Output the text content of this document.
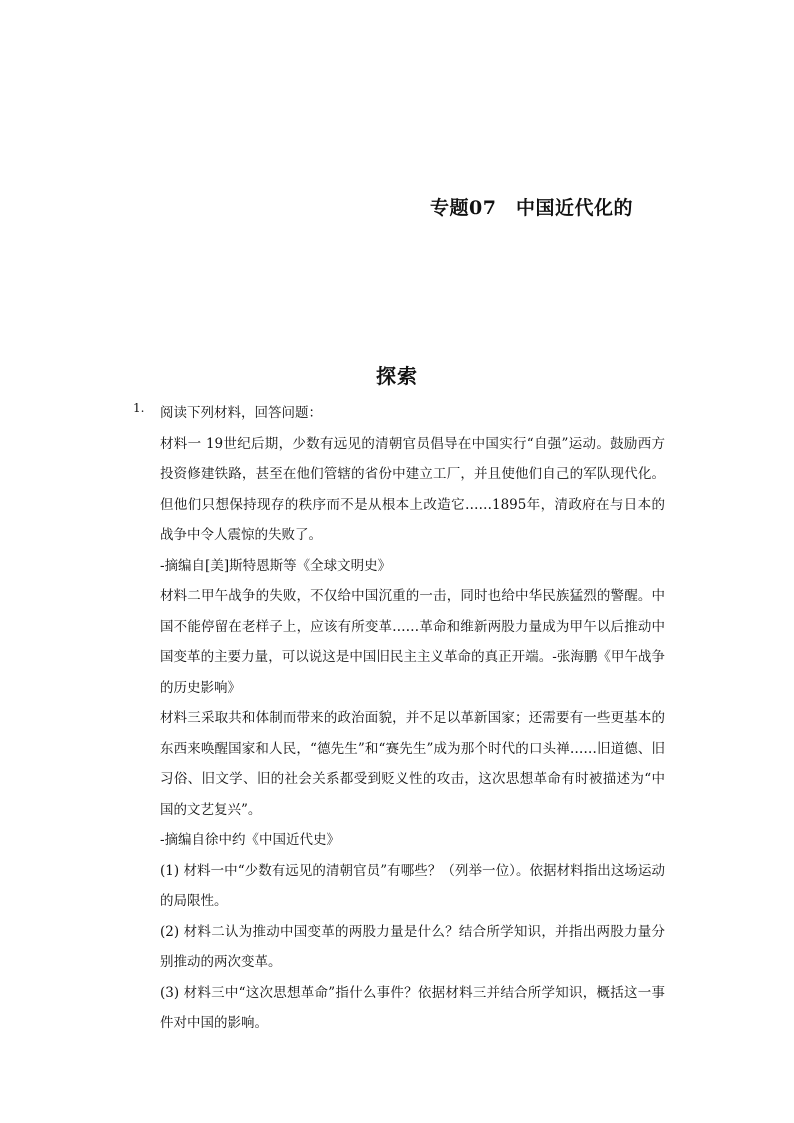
专题07　中国近代化的
探索
1. 阅读下列材料，回答问题：

材料一 19世纪后期，少数有远见的清朝官员倡导在中国实行“自强”运动。鼓励西方投资修建铁路，甚至在他们管辖的省份中建立工厂，并且使他们自己的军队现代化。但他们只想保持现存的秩序而不是从根本上改造它……1895年，清政府在与日本的战争中令人震惊的失败了。

-摘编自[美]斯特恩斯等《全球文明史》

材料二甲午战争的失败，不仅给中国沉重的一击，同时也给中华民族猛烈的警醒。中国不能停留在老样子上，应该有所变革……革命和维新两股力量成为甲午以后推动中国变革的主要力量，可以说这是中国旧民主主义革命的真正开端。-张海鹏《甲午战争的历史影响》

材料三采取共和体制而带来的政治面貌，并不足以革新国家；还需要有一些更基本的东西来唤醒国家和人民，“德先生”和“赛先生”成为那个时代的口头禅……旧道德、旧习俗、旧文学、旧的社会关系都受到贬义性的攻击，这次思想革命有时被描述为“中国的文艺复兴”。

-摘编自徐中约《中国近代史》

(1) 材料一中“少数有远见的清朝官员”有哪些？（列举一位）。依据材料指出这场运动的局限性。

(2) 材料二认为推动中国变革的两股力量是什么？结合所学知识，并指出两股力量分别推动的两次变革。

(3) 材料三中“这次思想革命”指什么事件？依据材料三并结合所学知识，概括这一事件对中国的影响。
